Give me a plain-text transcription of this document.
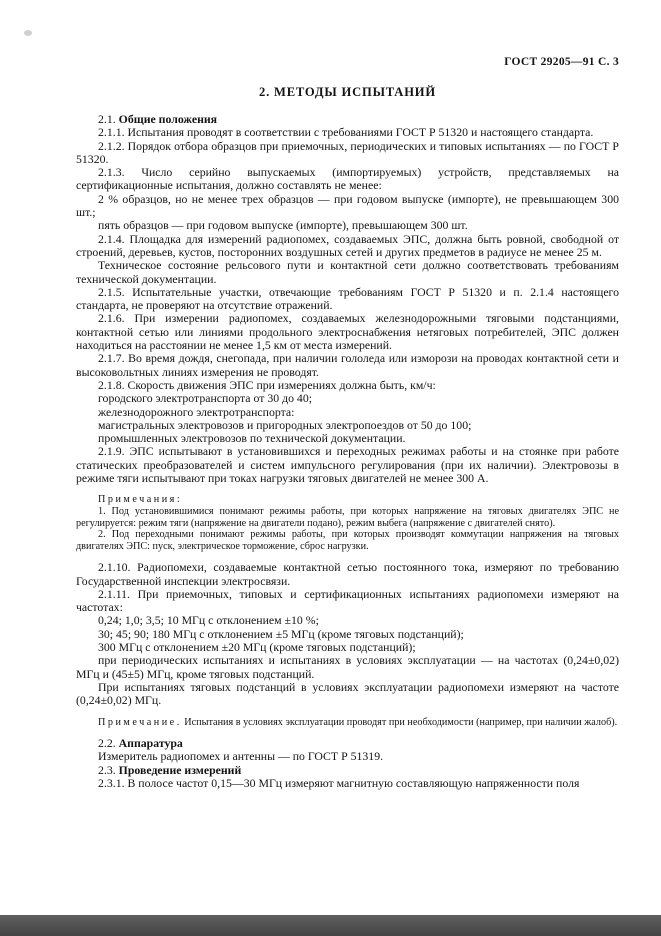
ГОСТ 29205—91 С. 3
2. МЕТОДЫ ИСПЫТАНИЙ

2.1. Общие положения

2.1.1. Испытания проводят в соответствии с требованиями ГОСТ Р 51320 и настоящего стандарта.

2.1.2. Порядок отбора образцов при приемочных, периодических и типовых испытаниях — по ГОСТ Р 51320.

2.1.3. Число серийно выпускаемых (импортируемых) устройств, представляемых на сертификационные испытания, должно составлять не менее:

2 % образцов, но не менее трех образцов — при годовом выпуске (импорте), не превышающем 300 шт.;

пять образцов — при годовом выпуске (импорте), превышающем 300 шт.

2.1.4. Площадка для измерений радиопомех, создаваемых ЭПС, должна быть ровной, свободной от строений, деревьев, кустов, посторонних воздушных сетей и других предметов в радиусе не менее 25 м.

Техническое состояние рельсового пути и контактной сети должно соответствовать требованиям технической документации.

2.1.5. Испытательные участки, отвечающие требованиям ГОСТ Р 51320 и п. 2.1.4 настоящего стандарта, не проверяют на отсутствие отражений.

2.1.6. При измерении радиопомех, создаваемых железнодорожными тяговыми подстанциями, контактной сетью или линиями продольного электроснабжения нетяговых потребителей, ЭПС должен находиться на расстоянии не менее 1,5 км от места измерений.

2.1.7. Во время дождя, снегопада, при наличии гололеда или изморози на проводах контактной сети и высоковольтных линиях измерения не проводят.

2.1.8. Скорость движения ЭПС при измерениях должна быть, км/ч:

городского электротранспорта от 30 до 40;

железнодорожного электротранспорта:

магистральных электровозов и пригородных электропоездов от 50 до 100;

промышленных электровозов по технической документации.

2.1.9. ЭПС испытывают в установившихся и переходных режимах работы и на стоянке при работе статических преобразователей и систем импульсного регулирования (при их наличии). Электровозы в режиме тяги испытывают при токах нагрузки тяговых двигателей не менее 300 А.

Примечания:

1. Под установившимися понимают режимы работы, при которых напряжение на тяговых двигателях ЭПС не регулируется: режим тяги (напряжение на двигатели подано), режим выбега (напряжение с двигателей снято).

2. Под переходными понимают режимы работы, при которых производят коммутации напряжения на тяговых двигателях ЭПС: пуск, электрическое торможение, сброс нагрузки.

2.1.10. Радиопомехи, создаваемые контактной сетью постоянного тока, измеряют по требованию Государственной инспекции электросвязи.

2.1.11. При приемочных, типовых и сертификационных испытаниях радиопомехи измеряют на частотах:

0,24; 1,0; 3,5; 10 МГц с отклонением ±10 %;

30; 45; 90; 180 МГц с отклонением ±5 МГц (кроме тяговых подстанций);

300 МГц с отклонением ±20 МГц (кроме тяговых подстанций);

при периодических испытаниях и испытаниях в условиях эксплуатации — на частотах (0,24±0,02) МГц и (45±5) МГц, кроме тяговых подстанций.

При испытаниях тяговых подстанций в условиях эксплуатации радиопомехи измеряют на частоте (0,24±0,02) МГц.

Примечание. Испытания в условиях эксплуатации проводят при необходимости (например, при наличии жалоб).

2.2. Аппаратура

Измеритель радиопомех и антенны — по ГОСТ Р 51319.

2.3. Проведение измерений

2.3.1. В полосе частот 0,15—30 МГц измеряют магнитную составляющую напряженности поля
